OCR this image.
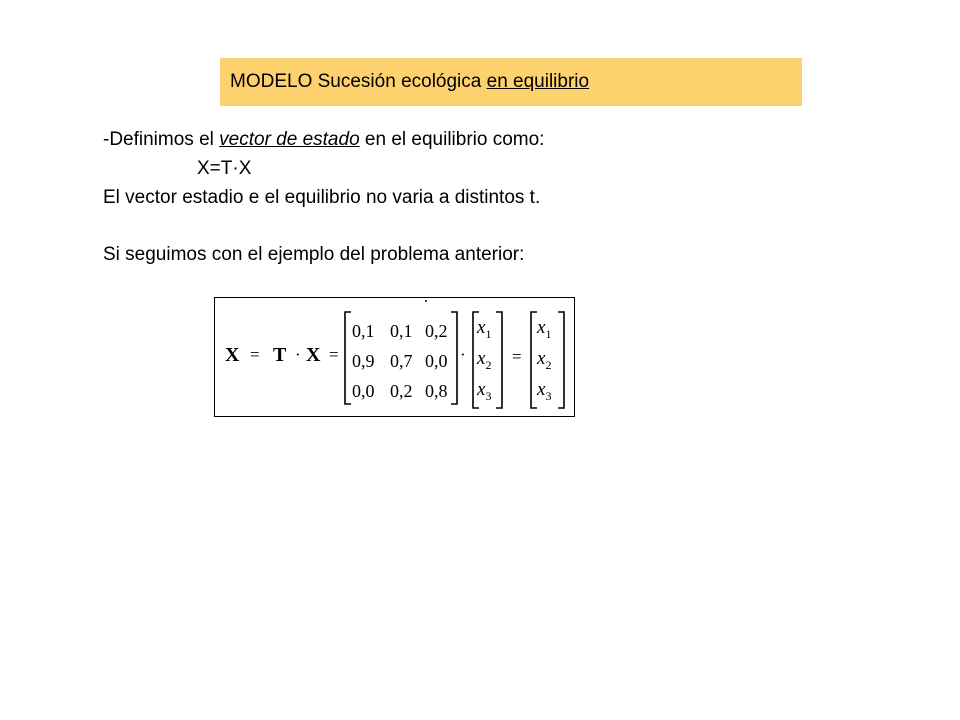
MODELO Sucesión ecológica en equilibrio
-Definimos el vector de estado en el equilibrio como:
X=T·X
El vector estadio e el equilibrio no varia a distintos t.
Si seguimos con el ejemplo del problema anterior:
X = T · X =
0,1 0,1 0,2
0,9 0,7 0,0
0,0 0,2 0,8
·
$x_1$
$x_2$
$x_3$
=
$x_1$
$x_2$
$x_3$
